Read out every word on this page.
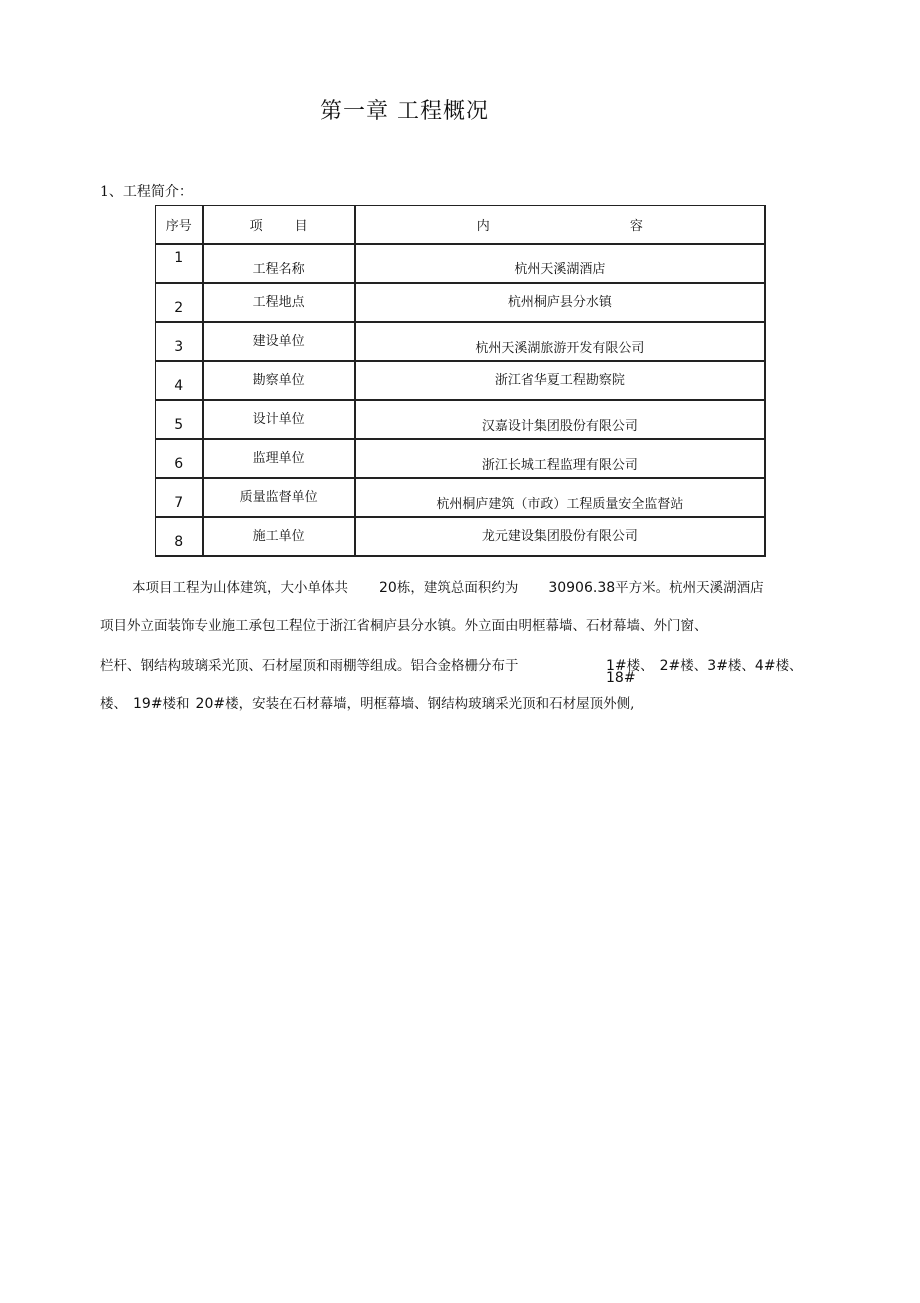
第一章 工程概况
1、工程简介：
序号	项 目	内 容
1	工程名称	杭州天溪湖酒店
2	工程地点	杭州桐庐县分水镇
3	建设单位	杭州天溪湖旅游开发有限公司
4	勘察单位	浙江省华夏工程勘察院
5	设计单位	汉嘉设计集团股份有限公司
6	监理单位	浙江长城工程监理有限公司
7	质量监督单位	杭州桐庐建筑（市政）工程质量安全监督站
8	施工单位	龙元建设集团股份有限公司
本项目工程为山体建筑，大小单体共 20栋，建筑总面积约为 30906.38平方米。杭州天溪湖酒店
项目外立面装饰专业施工承包工程位于浙江省桐庐县分水镇。外立面由明框幕墙、石材幕墙、外门窗、
栏杆、钢结构玻璃采光顶、石材屋顶和雨棚等组成。铝合金格栅分布于	1#楼、 2#楼、3#楼、4#楼、
18#
楼、 19#楼和 20#楼，安装在石材幕墙，明框幕墙、钢结构玻璃采光顶和石材屋顶外侧,
